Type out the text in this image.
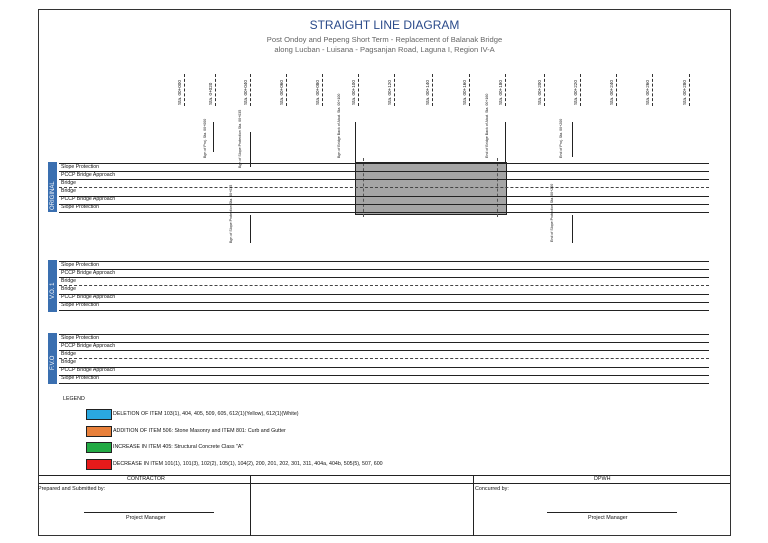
STRAIGHT LINE DIAGRAM
Post Ondoy and Pepeng Short Term - Replacement of Balanak Bridge
along Lucban - Luisana - Pagsanjan Road, Laguna I, Region IV-A
Sta. 00+000	Sta. 0+020	Sta. 00+040	Sta. 00+060	Sta. 00+080	Sta. 00+100	Sta. 00+120	Sta. 00+140	Sta. 00+160	Sta. 00+180	Sta. 00+200	Sta. 00+220	Sta. 00+240	Sta. 00+260	Sta. 00+280
Bgn of Proj. Sta. 00+000	Bgn of Slope Protection Sta. 00+035	Bgn of Bridge Back of Abut. Sta. 00+100	End of Bridge Back of Abut. Sta. 00+160	End of Proj. Sta. 00+200
ORIGINAL
Slope Protection
PCCP Bridge Approach
Bridge
Bridge
PCCP Bridge Approach
Slope Protection	Bgn of Slope Protection Sta. 00+035	End of Slope Protection Sta. 00+200
V.O. 1
Slope Protection
PCCP Bridge Approach
Bridge
Bridge
PCCP Bridge Approach
Slope Protection
F.V.O
Slope Protection
PCCP Bridge Approach
Bridge
Bridge
PCCP Bridge Approach
Slope Protection
LEGEND
DELETION OF ITEM 103(1), 404, 405, 509, 605, 612(1)(Yellow), 612(1)(White)
ADDITION OF ITEM 506: Stone Masonry and ITEM 801: Curb and Gutter
INCREASE IN ITEM 405: Structural Concrete Class "A"
DECREASE IN ITEM 101(1), 101(3), 102(2), 105(1), 104(2), 200, 201, 202, 301, 311, 404a, 404b, 505(5), 507, 600
CONTRACTOR	DPWH
Prepared and Submitted by:	Concurred by:
Project Manager	Project Manager
